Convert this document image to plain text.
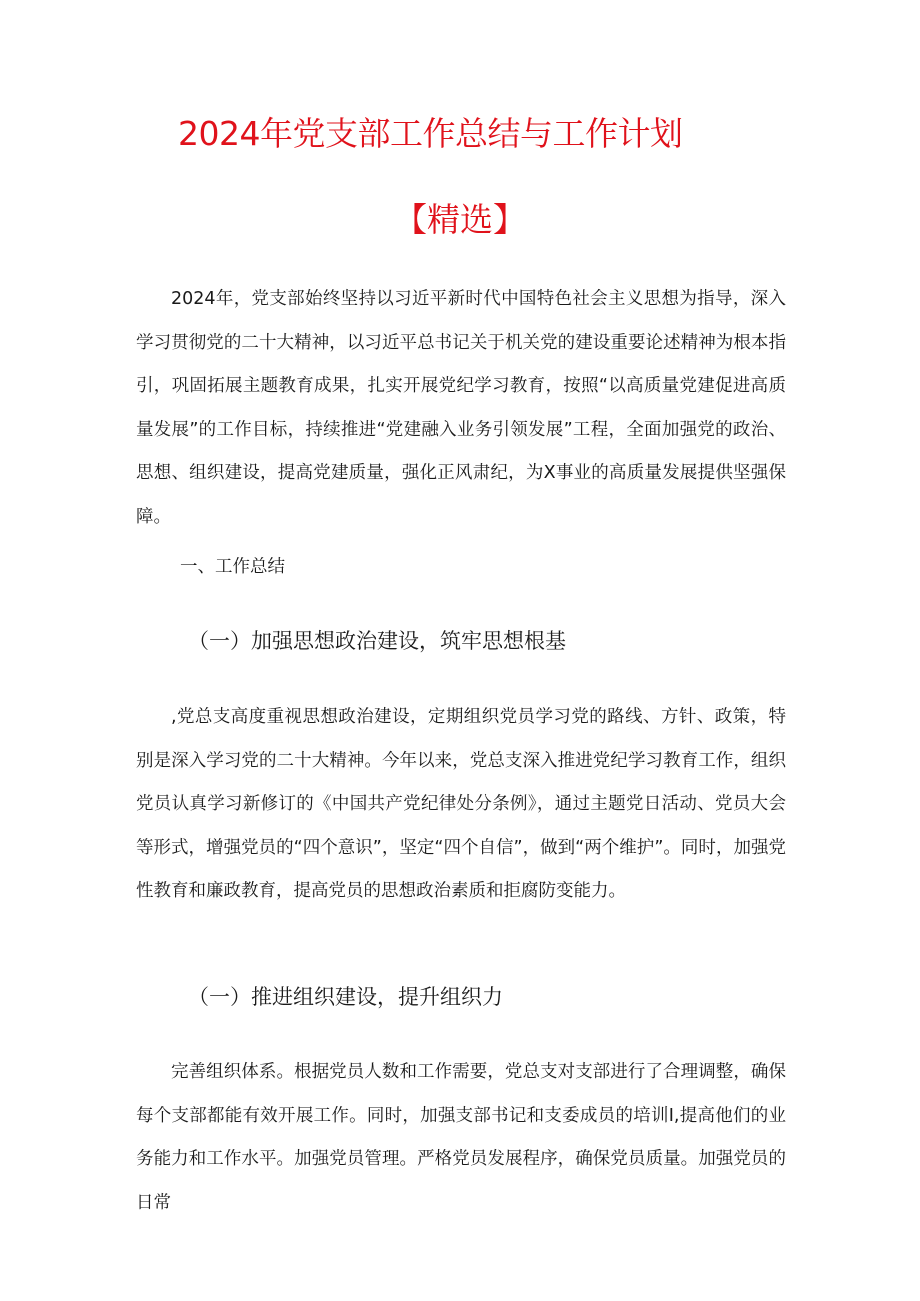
2024年党支部工作总结与工作计划
【精选】
2024年，党支部始终坚持以习近平新时代中国特色社会主义思想为指导，深入学习贯彻党的二十大精神，以习近平总书记关于机关党的建设重要论述精神为根本指引，巩固拓展主题教育成果，扎实开展党纪学习教育，按照“以高质量党建促进高质量发展”的工作目标，持续推进“党建融入业务引领发展”工程，全面加强党的政治、思想、组织建设，提高党建质量，强化正风肃纪，为X事业的高质量发展提供坚强保障。
一、工作总结
（一）加强思想政治建设，筑牢思想根基
,党总支高度重视思想政治建设，定期组织党员学习党的路线、方针、政策，特别是深入学习党的二十大精神。今年以来，党总支深入推进党纪学习教育工作，组织党员认真学习新修订的《中国共产党纪律处分条例》，通过主题党日活动、党员大会等形式，增强党员的“四个意识”，坚定“四个自信”，做到“两个维护”。同时，加强党性教育和廉政教育，提高党员的思想政治素质和拒腐防变能力。
（一）推进组织建设，提升组织力
完善组织体系。根据党员人数和工作需要，党总支对支部进行了合理调整，确保每个支部都能有效开展工作。同时，加强支部书记和支委成员的培训I,提高他们的业务能力和工作水平。加强党员管理。严格党员发展程序，确保党员质量。加强党员的日常
